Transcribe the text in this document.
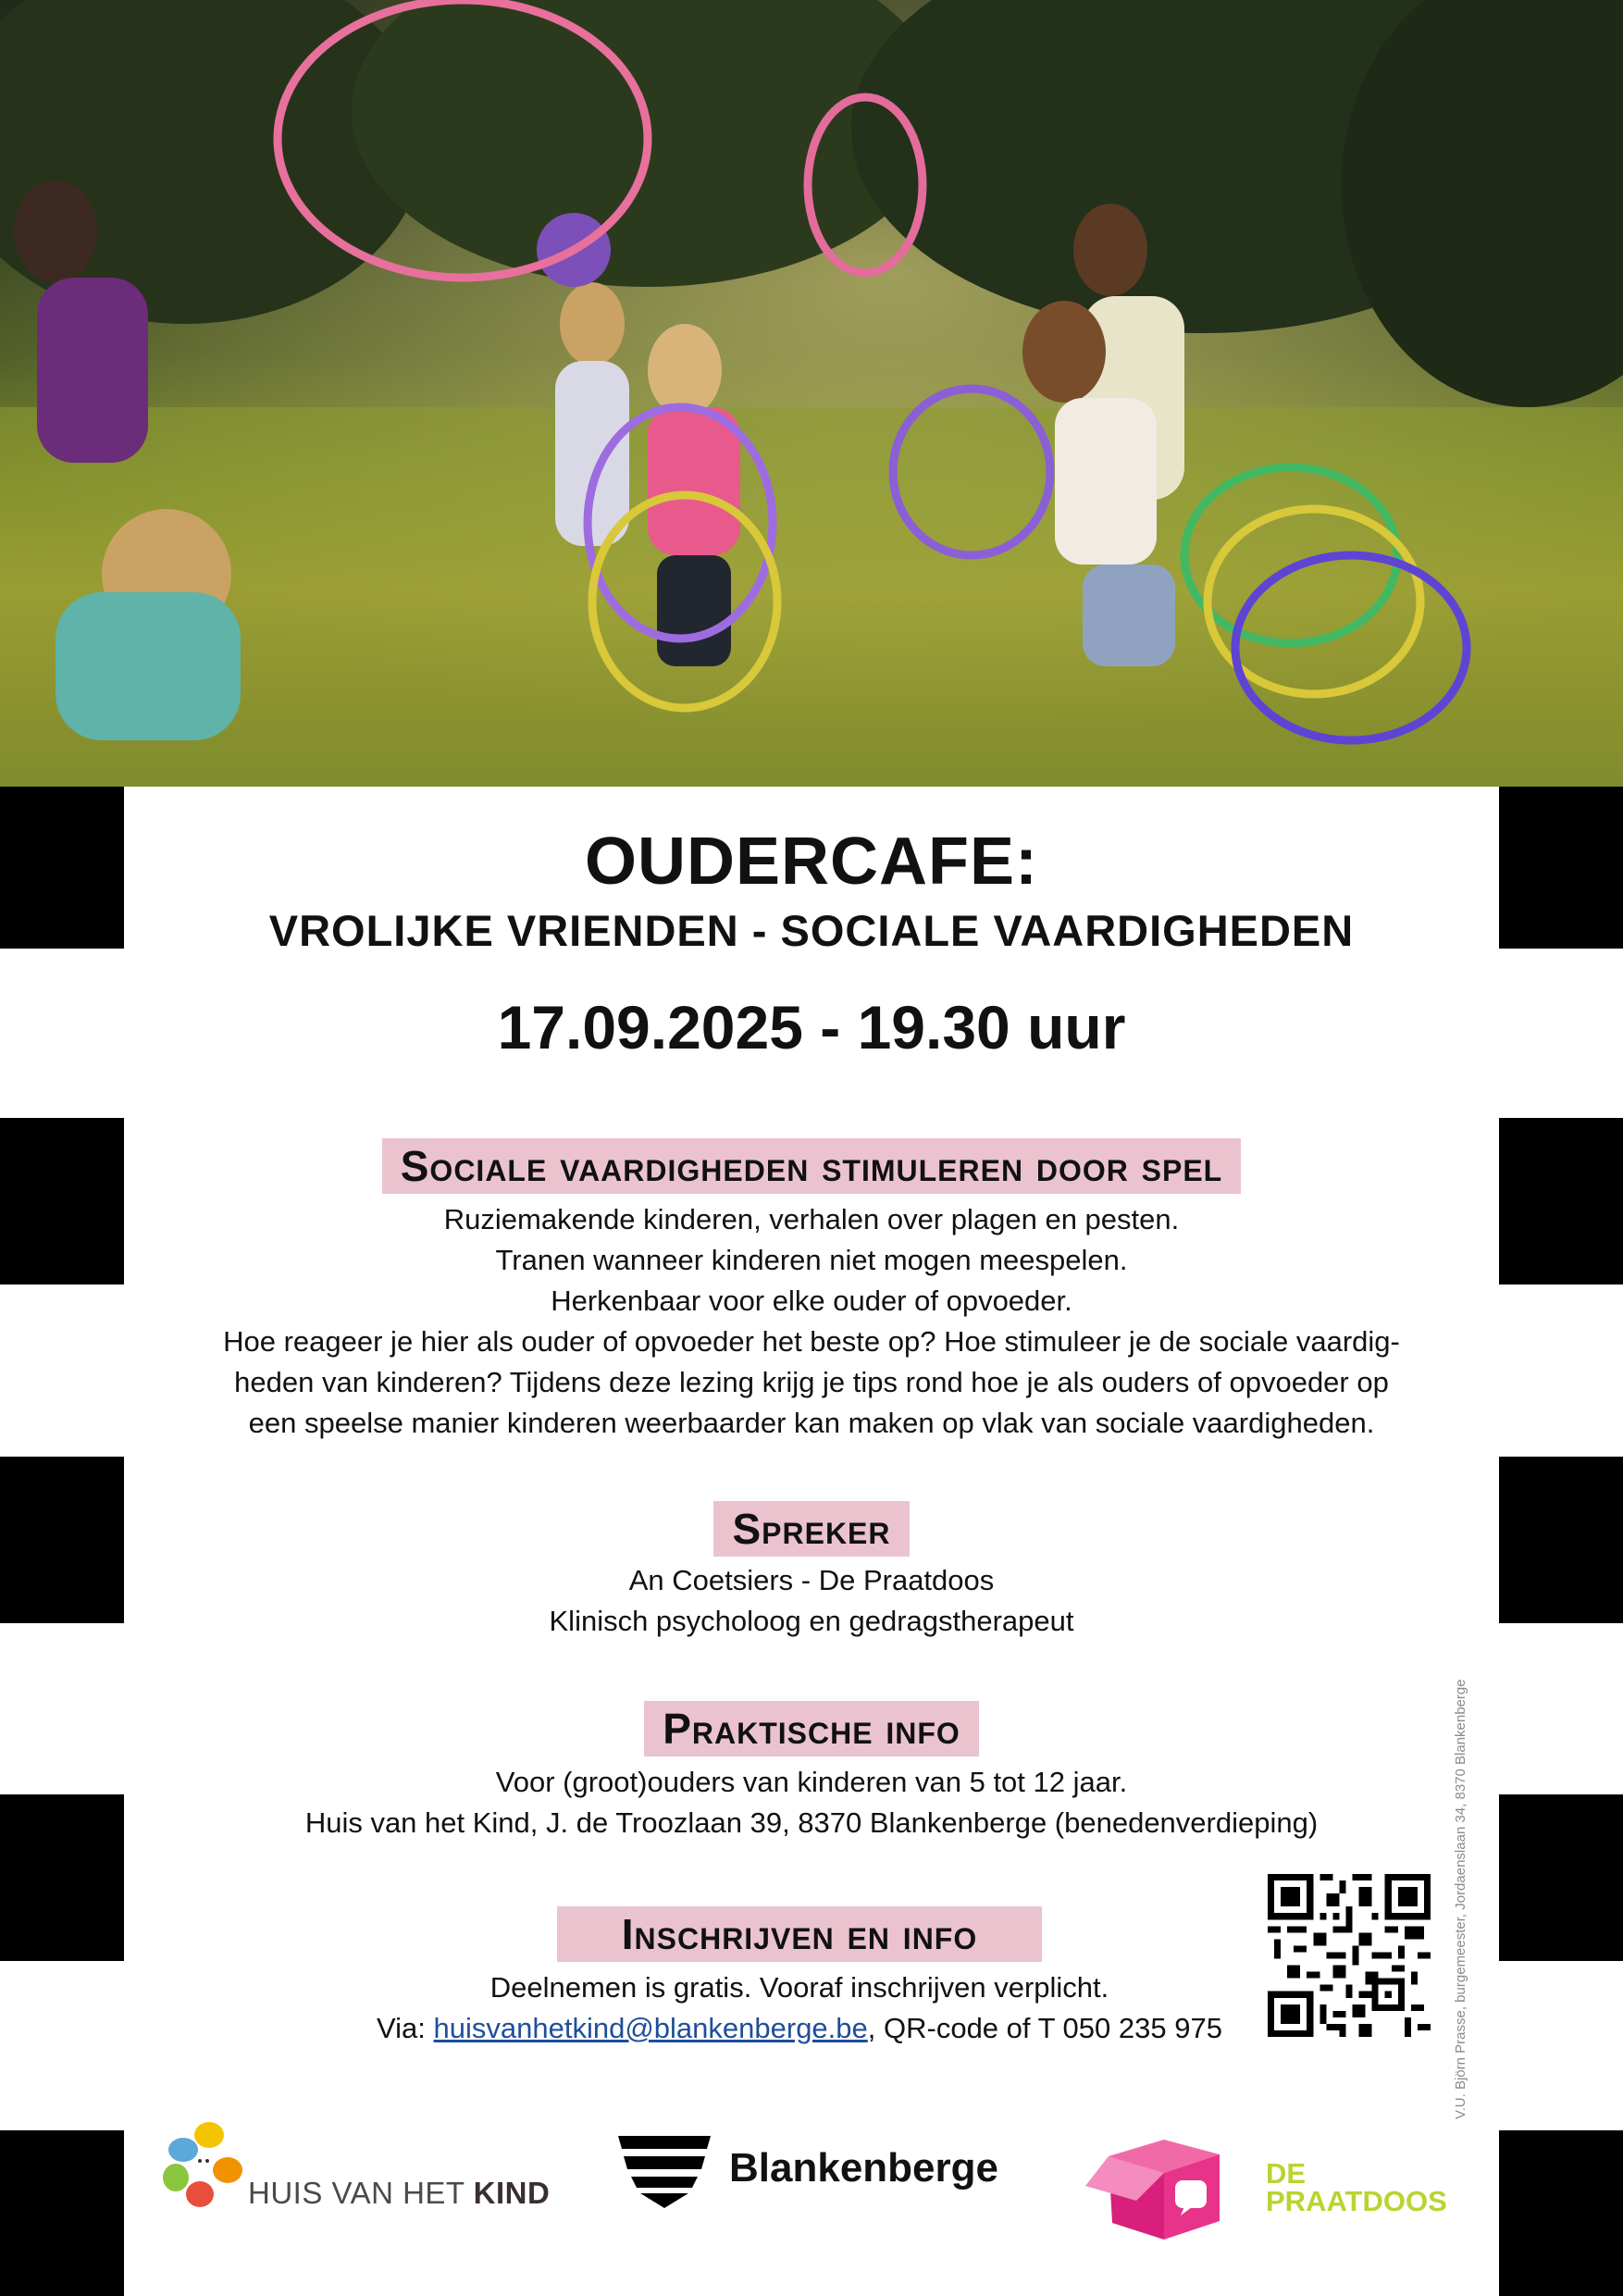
OUDERCAFE:
VROLIJKE VRIENDEN - SOCIALE VAARDIGHEDEN
17.09.2025 - 19.30 uur
Sociale vaardigheden stimuleren door spel
Ruziemakende kinderen, verhalen over plagen en pesten.
Tranen wanneer kinderen niet mogen meespelen.
Herkenbaar voor elke ouder of opvoeder.
Hoe reageer je hier als ouder of opvoeder het beste op? Hoe stimuleer je de sociale vaardig-
heden van kinderen? Tijdens deze lezing krijg je tips rond hoe je als ouders of opvoeder op
een speelse manier kinderen weerbaarder kan maken op vlak van sociale vaardigheden.
Spreker
An Coetsiers - De Praatdoos
Klinisch psycholoog en gedragstherapeut
Praktische info
Voor (groot)ouders van kinderen van 5 tot 12 jaar.
Huis van het Kind, J. de Troozlaan 39, 8370 Blankenberge (benedenverdieping)
Inschrijven en info
Deelnemen is gratis. Vooraf inschrijven verplicht.
Via: huisvanhetkind@blankenberge.be, QR-code of T 050 235 975	V.U. Björn Prasse, burgemeester, Jordaenslaan 34, 8370 Blankenberge
HUIS VAN HET KIND
Blankenberge	DE
PRAATDOOS
